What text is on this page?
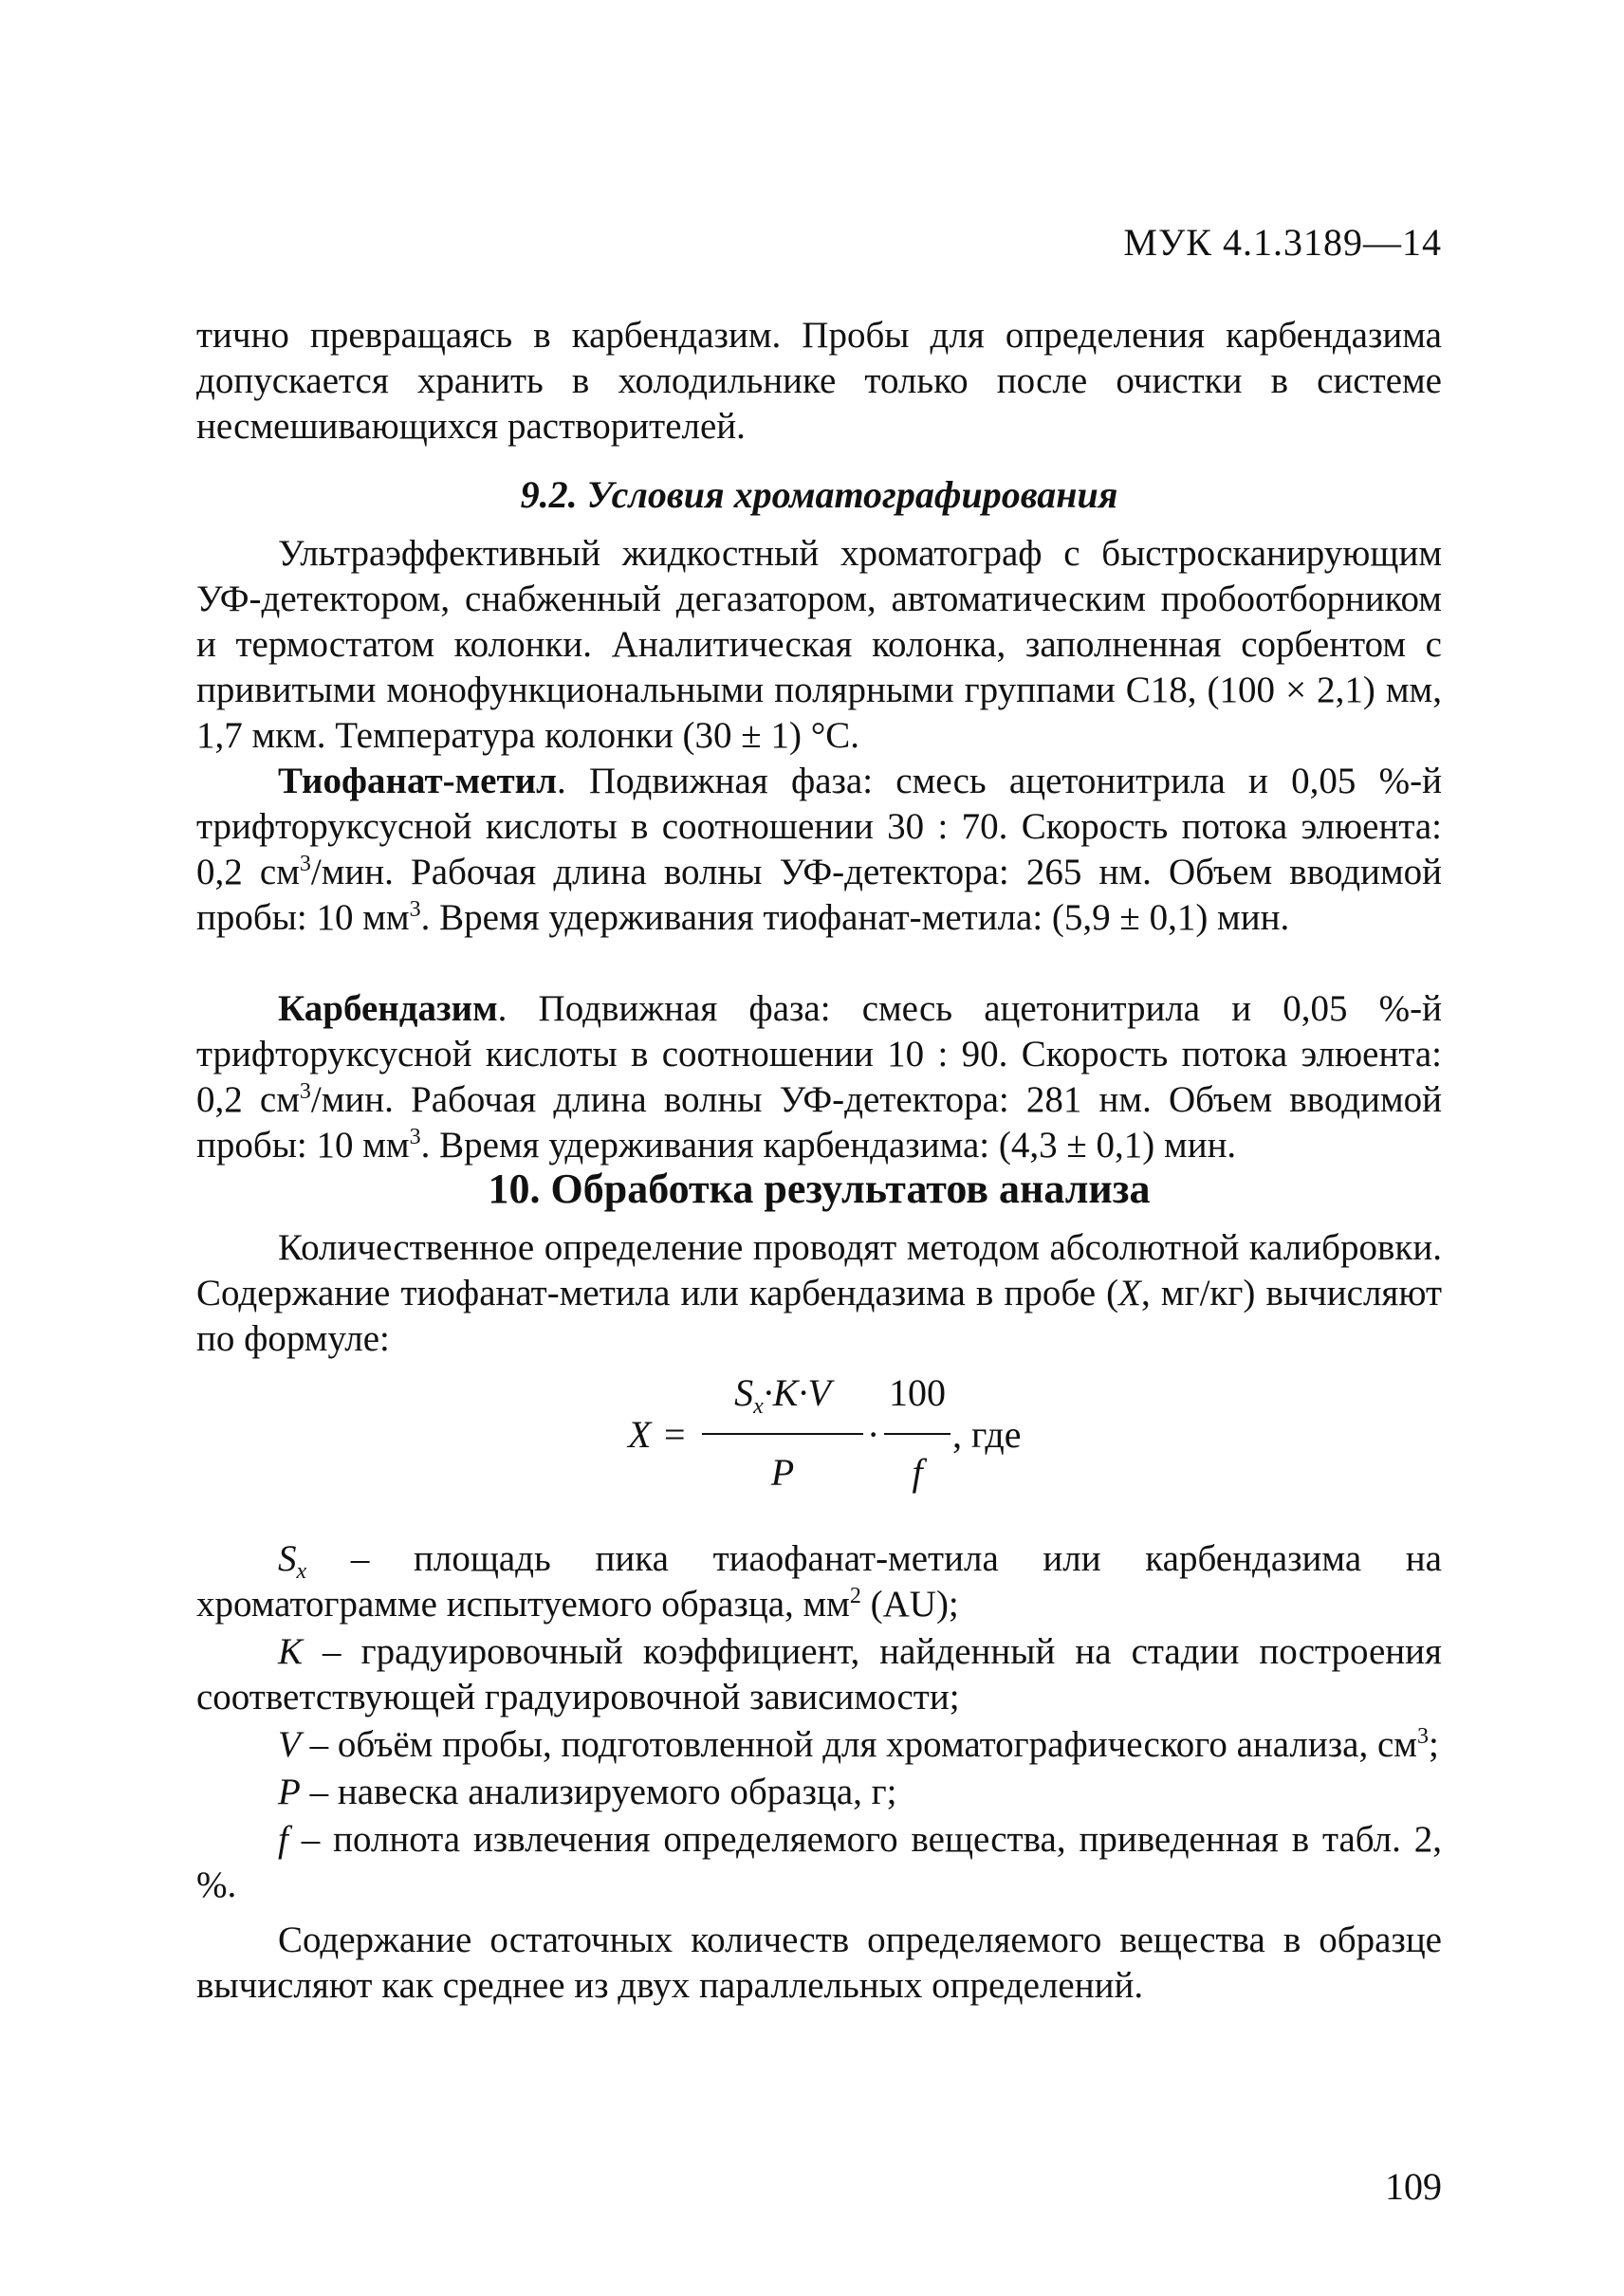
МУК 4.1.3189—14

тично превращаясь в карбендазим. Пробы для определения карбендазима допускается хранить в холодильнике только после очистки в системе несмешивающихся растворителей.

9.2. Условия хроматографирования

Ультраэффективный жидкостный хроматограф с быстросканирующим УФ-детектором, снабженный дегазатором, автоматическим пробоотборником и термостатом колонки. Аналитическая колонка, заполненная сорбентом с привитыми монофункциональными полярными группами C18, (100 × 2,1) мм, 1,7 мкм. Температура колонки (30 ± 1) °С.

Тиофанат-метил. Подвижная фаза: смесь ацетонитрила и 0,05 %-й трифторуксусной кислоты в соотношении 30 : 70. Скорость потока элюента: 0,2 $см^3$/мин. Рабочая длина волны УФ-детектора: 265 нм. Объем вводимой пробы: 10 $мм^3$. Время удерживания тиофанат-метила: (5,9 ± 0,1) мин.

Карбендазим. Подвижная фаза: смесь ацетонитрила и 0,05 %-й трифторуксусной кислоты в соотношении 10 : 90. Скорость потока элюента: 0,2 $см^3$/мин. Рабочая длина волны УФ-детектора: 281 нм. Объем вводимой пробы: 10 $мм^3$. Время удерживания карбендазима: (4,3 ± 0,1) мин.

10. Обработка результатов анализа

Количественное определение проводят методом абсолютной калибровки. Содержание тиофанат-метила или карбендазима в пробе (X, мг/кг) вычисляют по формуле:

X =
$S_x\cdot K\cdot V$
P
·
100
f
, где

$S_x$ – площадь пика тиаофанат-метила или карбендазима на хроматограмме испытуемого образца, $мм^2$ (AU);

K – градуировочный коэффициент, найденный на стадии построения соответствующей градуировочной зависимости;

V – объём пробы, подготовленной для хроматографического анализа, $см^3$;

P – навеска анализируемого образца, г;

f – полнота извлечения определяемого вещества, приведенная в табл. 2, %.

Содержание остаточных количеств определяемого вещества в образце вычисляют как среднее из двух параллельных определений.

109
